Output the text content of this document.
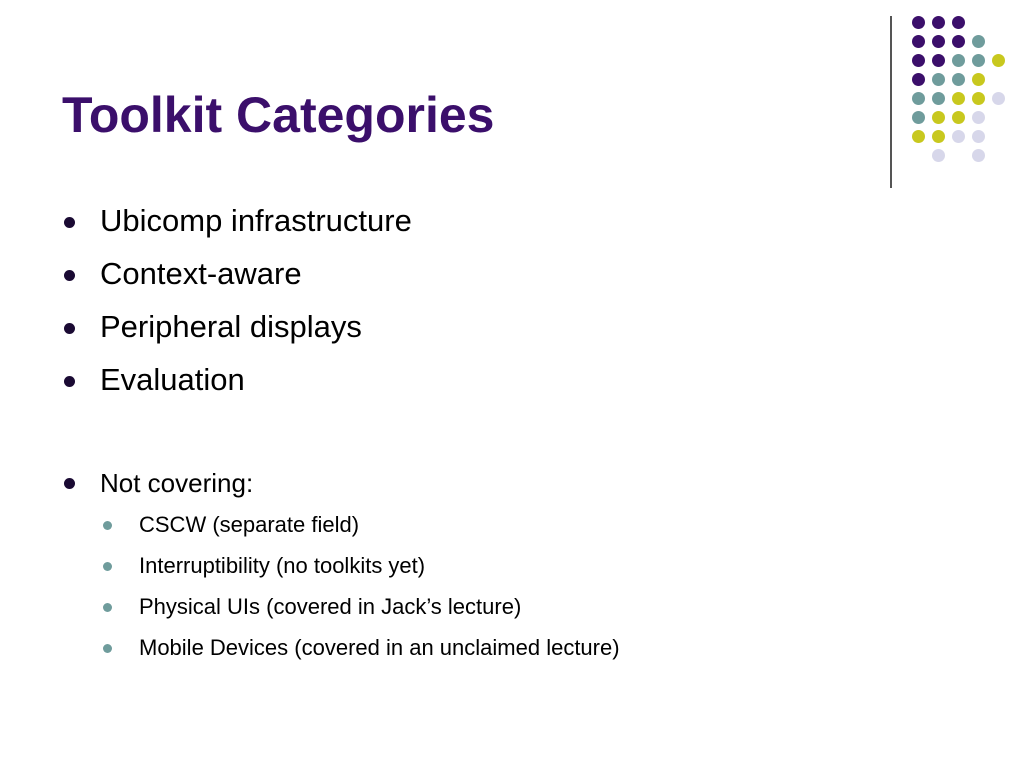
Toolkit Categories
Ubicomp infrastructure
Context-aware
Peripheral displays
Evaluation
Not covering:
CSCW (separate field)
Interruptibility (no toolkits yet)
Physical UIs (covered in Jack’s lecture)
Mobile Devices (covered in an unclaimed lecture)
